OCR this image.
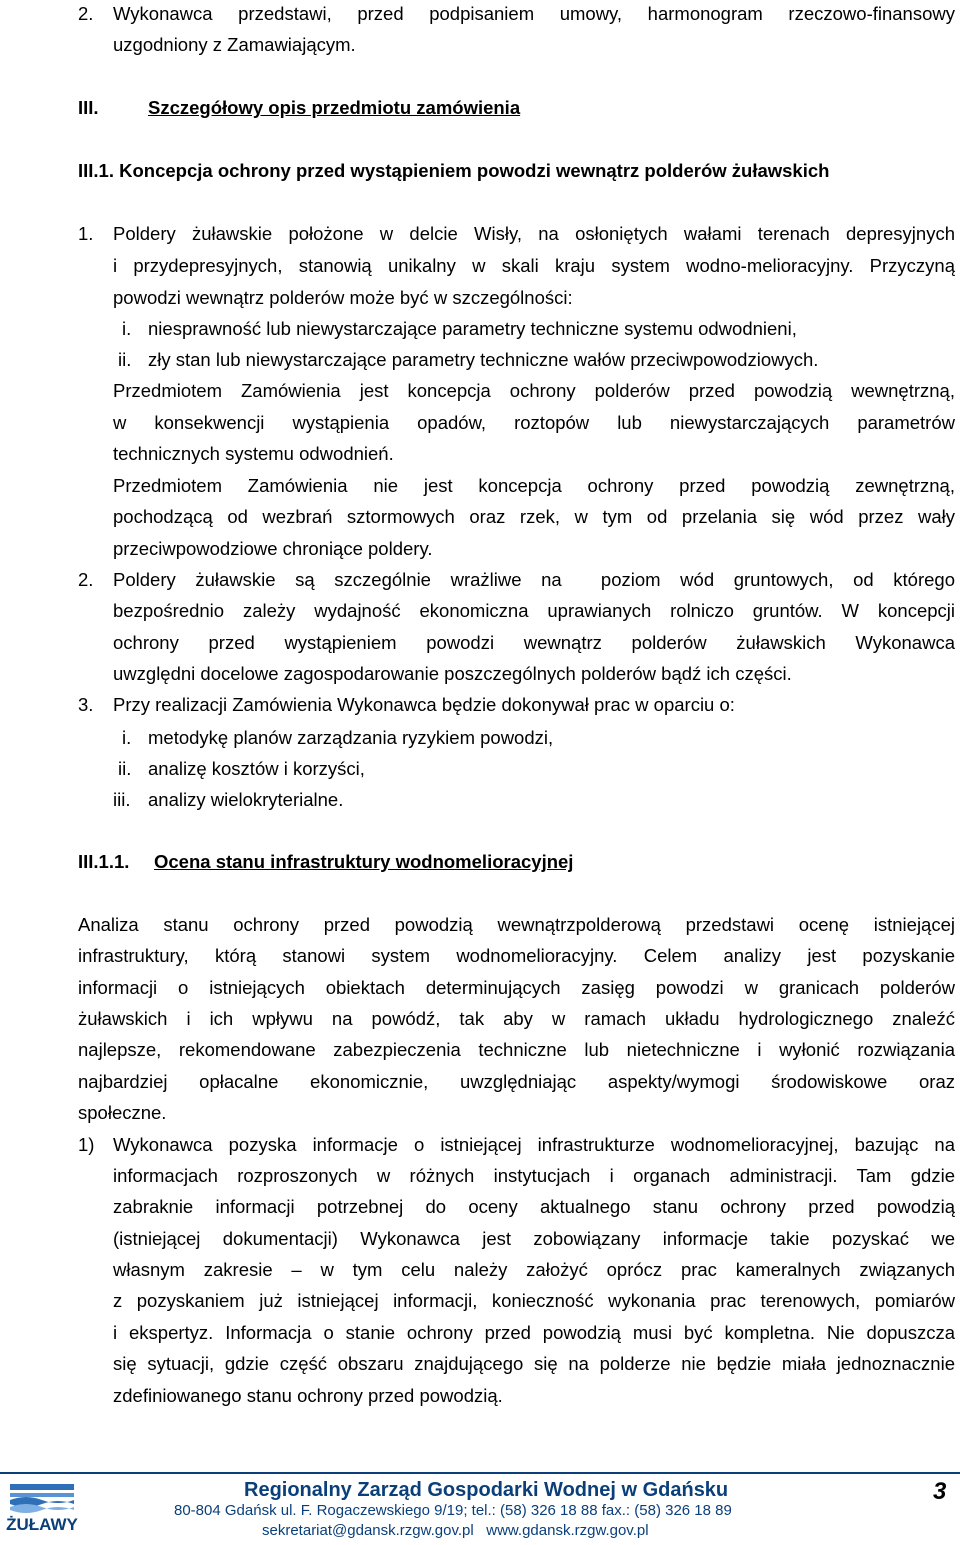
2. Wykonawca przedstawi, przed podpisaniem umowy, harmonogram rzeczowo-finansowy
uzgodniony z Zamawiającym.
III.	Szczegółowy opis przedmiotu zamówienia
III.1. Koncepcja ochrony przed wystąpieniem powodzi wewnątrz polderów żuławskich
1. Poldery żuławskie położone w delcie Wisły, na osłoniętych wałami terenach depresyjnych
i przydepresyjnych, stanowią unikalny w skali kraju system wodno-melioracyjny. Przyczyną
powodzi wewnątrz polderów może być w szczególności:
i. niesprawność lub niewystarczające parametry techniczne systemu odwodnieni,
ii. zły stan lub niewystarczające parametry techniczne wałów przeciwpowodziowych.
Przedmiotem Zamówienia jest koncepcja ochrony polderów przed powodzią wewnętrzną,
w konsekwencji wystąpienia opadów, roztopów lub niewystarczających parametrów
technicznych systemu odwodnień.
Przedmiotem Zamówienia nie jest koncepcja ochrony przed powodzią zewnętrzną,
pochodzącą od wezbrań sztormowych oraz rzek, w tym od przelania się wód przez wały
przeciwpowodziowe chroniące poldery.
2. Poldery żuławskie są szczególnie wrażliwe na  poziom wód gruntowych, od którego
bezpośrednio zależy wydajność ekonomiczna uprawianych rolniczo gruntów. W koncepcji
ochrony przed wystąpieniem powodzi wewnątrz polderów żuławskich Wykonawca
uwzględni docelowe zagospodarowanie poszczególnych polderów bądź ich części.
3. Przy realizacji Zamówienia Wykonawca będzie dokonywał prac w oparciu o:
i. metodykę planów zarządzania ryzykiem powodzi,
ii. analizę kosztów i korzyści,
iii. analizy wielokryterialne.
III.1.1. Ocena stanu infrastruktury wodnomelioracyjnej
Analiza stanu ochrony przed powodzią wewnątrzpolderową przedstawi ocenę istniejącej
infrastruktury, którą stanowi system wodnomelioracyjny. Celem analizy jest pozyskanie
informacji o istniejących obiektach determinujących zasięg powodzi w granicach polderów
żuławskich i ich wpływu na powódź, tak aby w ramach układu hydrologicznego znaleźć
najlepsze, rekomendowane zabezpieczenia techniczne lub nietechniczne i wyłonić rozwiązania
najbardziej opłacalne ekonomicznie, uwzględniając aspekty/wymogi środowiskowe oraz
społeczne.
1) Wykonawca pozyska informacje o istniejącej infrastrukturze wodnomelioracyjnej, bazując na
informacjach rozproszonych w różnych instytucjach i organach administracji. Tam gdzie
zabraknie informacji potrzebnej do oceny aktualnego stanu ochrony przed powodzią
(istniejącej dokumentacji) Wykonawca jest zobowiązany informacje takie pozyskać we
własnym zakresie – w tym celu należy założyć oprócz prac kameralnych związanych
z pozyskaniem już istniejącej informacji, konieczność wykonania prac terenowych, pomiarów
i ekspertyz. Informacja o stanie ochrony przed powodzią musi być kompletna. Nie dopuszcza
się sytuacji, gdzie część obszaru znajdującego się na polderze nie będzie miała jednoznacznie
zdefiniowanego stanu ochrony przed powodzią.
ŻUŁAWY
Regionalny Zarząd Gospodarki Wodnej w Gdańsku
80-804 Gdańsk ul. F. Rogaczewskiego 9/19; tel.: (58) 326 18 88 fax.: (58) 326 18 89
sekretariat@gdansk.rzgw.gov.pl www.gdansk.rzgw.gov.pl
3
